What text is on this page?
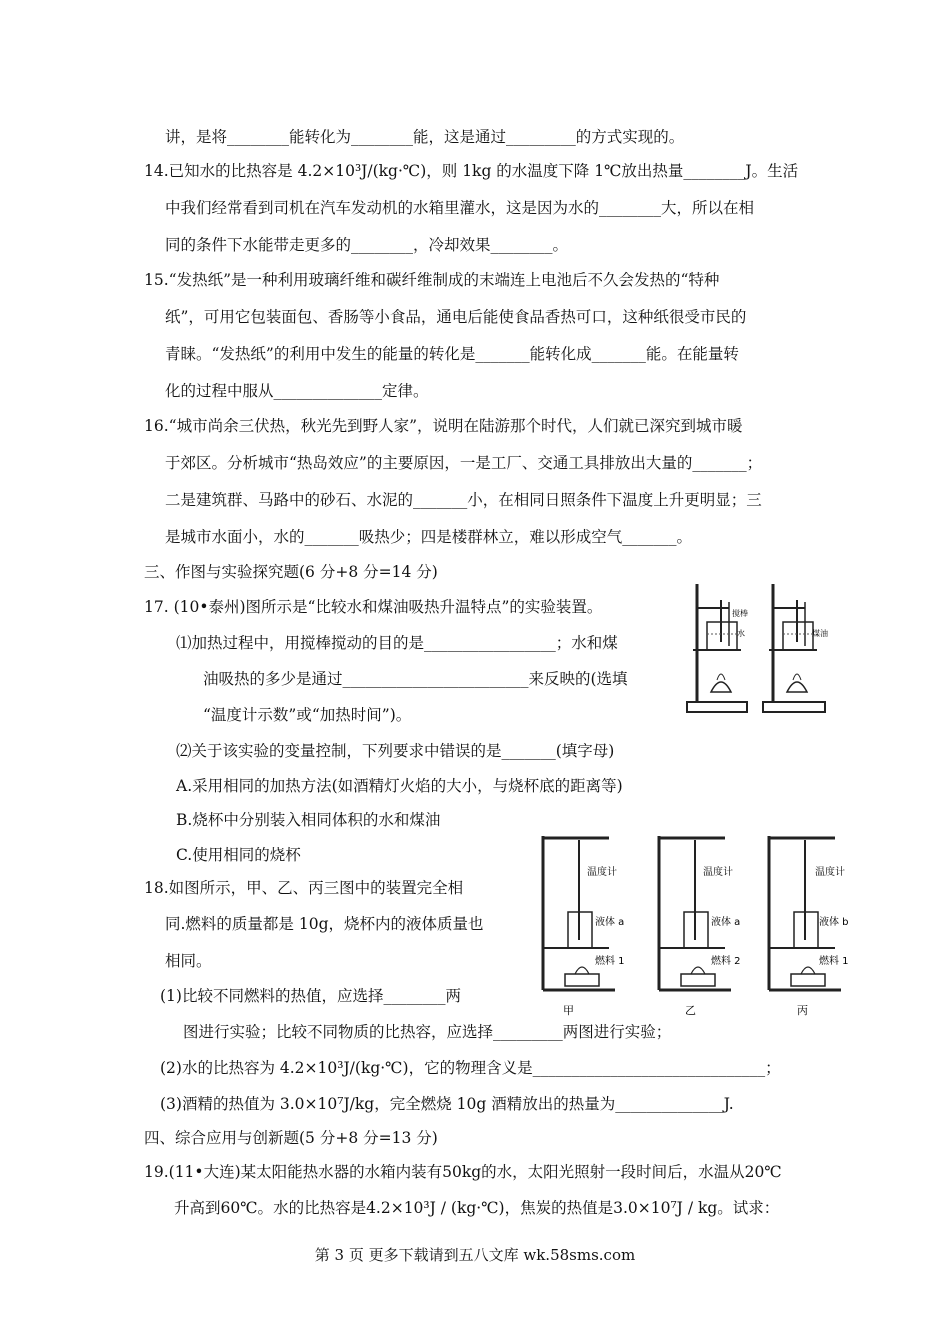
讲，是将________能转化为________能，这是通过_________的方式实现的。
14.已知水的比热容是 4.2×10³J/(kg·℃)，则 1kg 的水温度下降 1℃放出热量________J。生活
中我们经常看到司机在汽车发动机的水箱里灌水，这是因为水的________大，所以在相
同的条件下水能带走更多的________，冷却效果________。
15.“发热纸”是一种利用玻璃纤维和碳纤维制成的末端连上电池后不久会发热的“特种
纸”，可用它包装面包、香肠等小食品，通电后能使食品香热可口，这种纸很受市民的
青睐。“发热纸”的利用中发生的能量的转化是_______能转化成_______能。在能量转
化的过程中服从______________定律。
16.“城市尚余三伏热，秋光先到野人家”，说明在陆游那个时代，人们就已深究到城市暖
于郊区。分析城市“热岛效应”的主要原因，一是工厂、交通工具排放出大量的_______；
二是建筑群、马路中的砂石、水泥的_______小，在相同日照条件下温度上升更明显；三
是城市水面小，水的_______吸热少；四是楼群林立，难以形成空气_______。
三、作图与实验探究题(6 分+8 分=14 分)
17. (10•泰州)图所示是“比较水和煤油吸热升温特点”的实验装置。
⑴加热过程中，用搅棒搅动的目的是_________________；水和煤
油吸热的多少是通过________________________来反映的(选填
“温度计示数”或“加热时间”)。
⑵关于该实验的变量控制，下列要求中错误的是_______(填字母)
A.采用相同的加热方法(如酒精灯火焰的大小，与烧杯底的距离等)
B.烧杯中分别装入相同体积的水和煤油
C.使用相同的烧杯
18.如图所示，甲、乙、丙三图中的装置完全相
同.燃料的质量都是 10g，烧杯内的液体质量也
相同。
(1)比较不同燃料的热值，应选择________两
图进行实验；比较不同物质的比热容，应选择_________两图进行实验；
(2)水的比热容为 4.2×10³J/(kg·℃)，它的物理含义是______________________________；
(3)酒精的热值为 3.0×10⁷J/kg，完全燃烧 10g 酒精放出的热量为______________J.
四、综合应用与创新题(5 分+8 分=13 分)
19.(11•大连)某太阳能热水器的水箱内装有50kg的水，太阳光照射一段时间后，水温从20℃
升高到60℃。水的比热容是4.2×10³J / (kg·℃)，焦炭的热值是3.0×10⁷J / kg。试求：
搅棒
水	煤油
温度计
液体 a
燃料 1
甲
温度计
液体 a
燃料 2
乙
温度计
液体 b
燃料 1
丙
第 3 页 更多下载请到五八文库 wk.58sms.com
